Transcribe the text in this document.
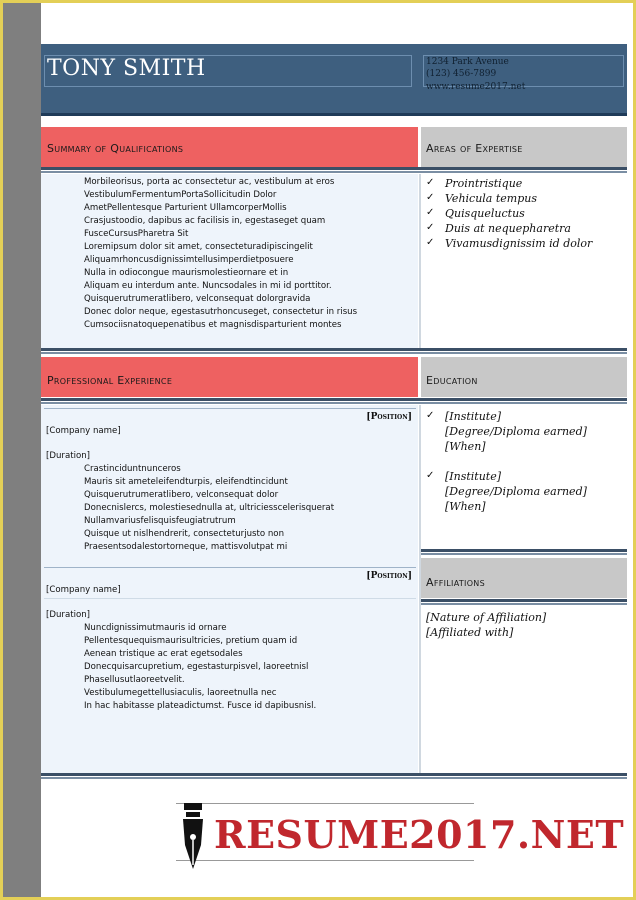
TONY SMITH	1234 Park Avenue
(123) 456-7899
www.resume2017.net
Summary of Qualifications	Areas of Expertise
Morbileorisus, porta ac consectetur ac, vestibulum at eros
VestibulumFermentumPortaSollicitudin Dolor
AmetPellentesque Parturient UllamcorperMollis
Crasjustoodio, dapibus ac facilisis in, egestaseget quam
FusceCursusPharetra Sit
Loremipsum dolor sit amet, consecteturadipiscingelit
Aliquamrhoncusdignissimtellusimperdietposuere
Nulla in odiocongue maurismolestieornare et in
Aliquam eu interdum ante. Nuncsodales in mi id porttitor.
Quisquerutrumeratlibero, velconsequat dolorgravida
Donec dolor neque, egestasutrhoncuseget, consectetur in risus
Cumsociisnatoquepenatibus et magnisdisparturient montes
✓ Prointristique
✓ Vehicula tempus
✓ Quisqueluctus
✓ Duis at nequepharetra
✓ Vivamusdignissim id dolor
Professional Experience	Education
[Position]
[Company name]
[Duration]
Crastinciduntnunceros
Mauris sit ameteleifendturpis, eleifendtincidunt
Quisquerutrumeratlibero, velconsequat dolor
Donecnislercs, molestiesednulla at, ultriciesscelerisquerat
Nullamvariusfelisquisfeugiatrutrum
Quisque ut nislhendrerit, consecteturjusto non
Praesentsodalestortorneque, mattisvolutpat mi
[Position]
[Company name]
[Duration]
Nuncdignissimutmauris id ornare
Pellentesquequismaurisultricies, pretium quam id
Aenean tristique ac erat egetsodales
Donecquisarcupretium, egestasturpisvel, laoreetnisl
Phasellusutlaoreetvelit.
Vestibulumegettellusiaculis, laoreetnulla nec
In hac habitasse plateadictumst. Fusce id dapibusnisl.
✓ [Institute]
[Degree/Diploma earned]
[When]
✓ [Institute]
[Degree/Diploma earned]
[When]
Affiliations
[Nature of Affiliation]
[Affiliated with]
RESUME2017.NET
